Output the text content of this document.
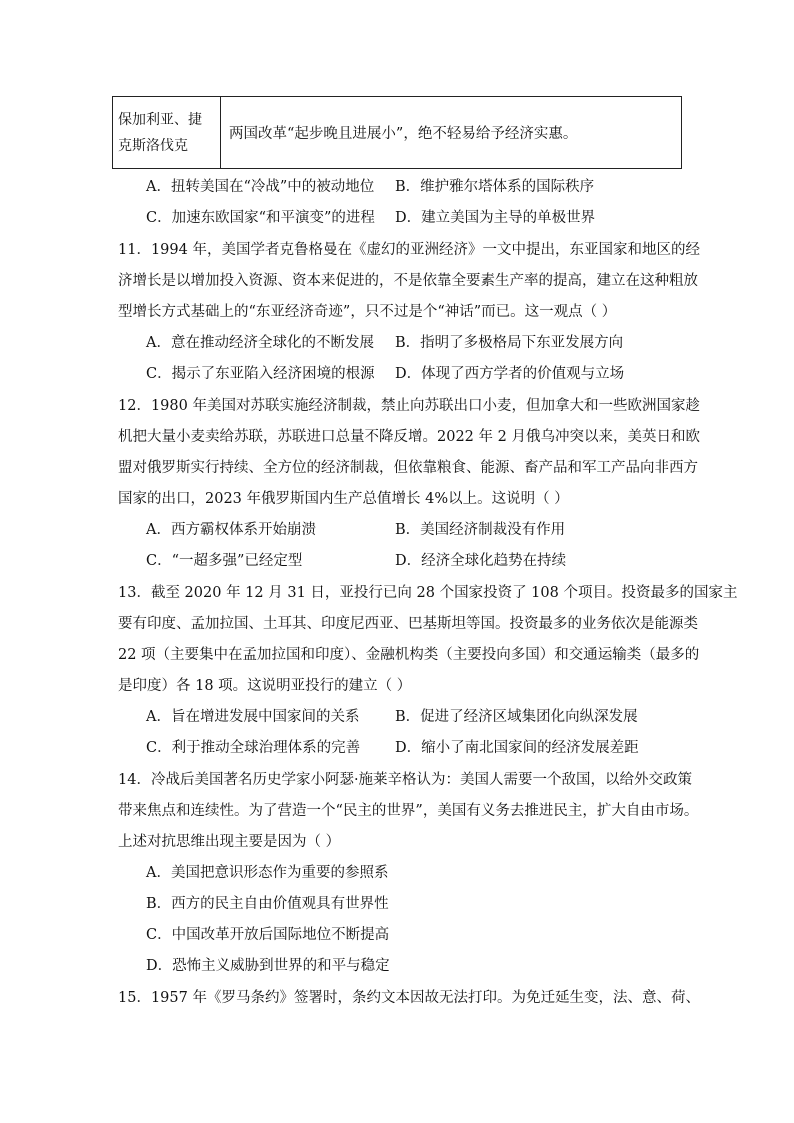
保加利亚、捷克斯洛伐克	两国改革“起步晚且进展小”，绝不轻易给予经济实惠。
A．扭转美国在“冷战”中的被动地位 B．维护雅尔塔体系的国际秩序
C．加速东欧国家“和平演变”的进程 D．建立美国为主导的单极世界
11．1994 年，美国学者克鲁格曼在《虚幻的亚洲经济》一文中提出，东亚国家和地区的经
济增长是以增加投入资源、资本来促进的，不是依靠全要素生产率的提高，建立在这种粗放
型增长方式基础上的“东亚经济奇迹”，只不过是个“神话”而已。这一观点（ ）
A．意在推动经济全球化的不断发展 B．指明了多极格局下东亚发展方向
C．揭示了东亚陷入经济困境的根源 D．体现了西方学者的价值观与立场
12．1980 年美国对苏联实施经济制裁，禁止向苏联出口小麦，但加拿大和一些欧洲国家趁
机把大量小麦卖给苏联，苏联进口总量不降反增。2022 年 2 月俄乌冲突以来，美英日和欧
盟对俄罗斯实行持续、全方位的经济制裁，但依靠粮食、能源、畜产品和军工产品向非西方
国家的出口，2023 年俄罗斯国内生产总值增长 4%以上。这说明（ ）
A．西方霸权体系开始崩溃	B．美国经济制裁没有作用
C．“一超多强”已经定型	D．经济全球化趋势在持续
13．截至 2020 年 12 月 31 日，亚投行已向 28 个国家投资了 108 个项目。投资最多的国家主
要有印度、孟加拉国、土耳其、印度尼西亚、巴基斯坦等国。投资最多的业务依次是能源类
22 项（主要集中在孟加拉国和印度）、金融机构类（主要投向多国）和交通运输类（最多的
是印度）各 18 项。这说明亚投行的建立（ ）
A．旨在增进发展中国家间的关系 B．促进了经济区域集团化向纵深发展
C．利于推动全球治理体系的完善 D．缩小了南北国家间的经济发展差距
14．冷战后美国著名历史学家小阿瑟·施莱辛格认为：美国人需要一个敌国，以给外交政策
带来焦点和连续性。为了营造一个“民主的世界”，美国有义务去推进民主，扩大自由市场。
上述对抗思维出现主要是因为（ ）
A．美国把意识形态作为重要的参照系
B．西方的民主自由价值观具有世界性
C．中国改革开放后国际地位不断提高
D．恐怖主义威胁到世界的和平与稳定
15．1957 年《罗马条约》签署时，条约文本因故无法打印。为免迁延生变，法、意、荷、
